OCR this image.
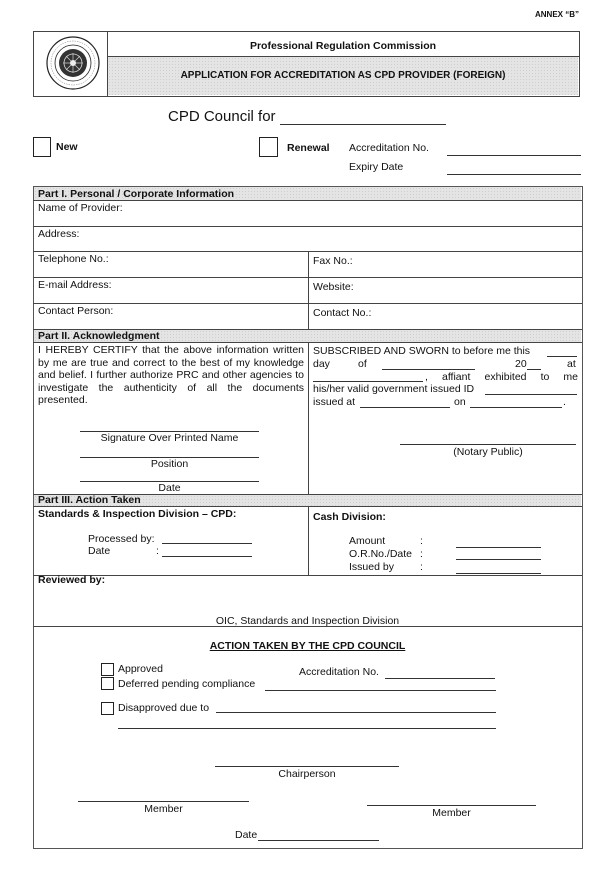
ANNEX “B”
Professional Regulation Commission
APPLICATION FOR ACCREDITATION AS CPD PROVIDER (FOREIGN)
CPD Council for
New	Renewal Accreditation No.
Expiry Date
Part I. Personal / Corporate Information
Name of Provider:
Address:
Telephone No.:	Fax No.:
E-mail Address:	Website:
Contact Person:	Contact No.:
Part II. Acknowledgment
I HEREBY CERTIFY that the above information written by me are true and correct to the best of my knowledge and belief. I further authorize PRC and other agencies to investigate the authenticity of all the documents presented.
Signature Over Printed Name
Position
Date
SUBSCRIBED AND SWORN to before me this
day	of	20	at
, affiant exhibited to me
his/her valid government issued ID
issued at	on	.
(Notary Public)
Part III. Action Taken
Standards & Inspection Division – CPD:
Processed by:
Date	:
Cash Division:
Amount	:
O.R.No./Date :
Issued by :
Reviewed by:
OIC, Standards and Inspection Division
ACTION TAKEN BY THE CPD COUNCIL
Approved	Accreditation No.
Deferred pending compliance
Disapproved due to
Chairperson
Member	Member
Date
